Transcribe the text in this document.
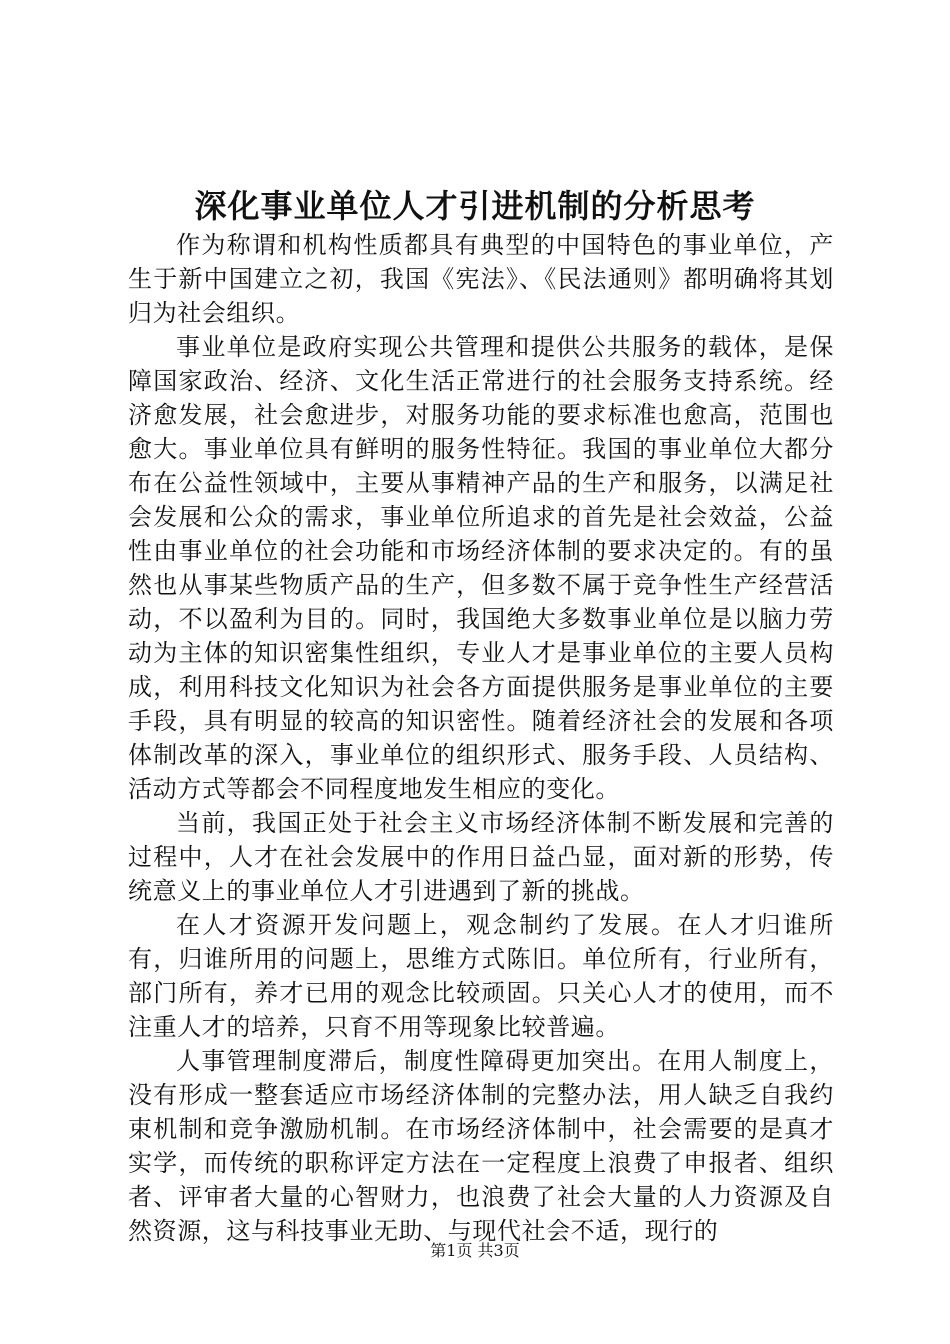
深化事业单位人才引进机制的分析思考

作为称谓和机构性质都具有典型的中国特色的事业单位，产生于新中国建立之初，我国《宪法》、《民法通则》都明确将其划归为社会组织。

事业单位是政府实现公共管理和提供公共服务的载体，是保障国家政治、经济、文化生活正常进行的社会服务支持系统。经济愈发展，社会愈进步，对服务功能的要求标准也愈高，范围也愈大。事业单位具有鲜明的服务性特征。我国的事业单位大都分布在公益性领域中，主要从事精神产品的生产和服务，以满足社会发展和公众的需求，事业单位所追求的首先是社会效益，公益性由事业单位的社会功能和市场经济体制的要求决定的。有的虽然也从事某些物质产品的生产，但多数不属于竞争性生产经营活动，不以盈利为目的。同时，我国绝大多数事业单位是以脑力劳动为主体的知识密集性组织，专业人才是事业单位的主要人员构成，利用科技文化知识为社会各方面提供服务是事业单位的主要手段，具有明显的较高的知识密性。随着经济社会的发展和各项体制改革的深入，事业单位的组织形式、服务手段、人员结构、活动方式等都会不同程度地发生相应的变化。

当前，我国正处于社会主义市场经济体制不断发展和完善的过程中，人才在社会发展中的作用日益凸显，面对新的形势，传统意义上的事业单位人才引进遇到了新的挑战。

在人才资源开发问题上，观念制约了发展。在人才归谁所有，归谁所用的问题上，思维方式陈旧。单位所有，行业所有，部门所有，养才已用的观念比较顽固。只关心人才的使用，而不注重人才的培养，只育不用等现象比较普遍。

人事管理制度滞后，制度性障碍更加突出。在用人制度上，没有形成一整套适应市场经济体制的完整办法，用人缺乏自我约束机制和竞争激励机制。在市场经济体制中，社会需要的是真才实学，而传统的职称评定方法在一定程度上浪费了申报者、组织者、评审者大量的心智财力，也浪费了社会大量的人力资源及自然资源，这与科技事业无助、与现代社会不适，现行的

第1页 共3页
